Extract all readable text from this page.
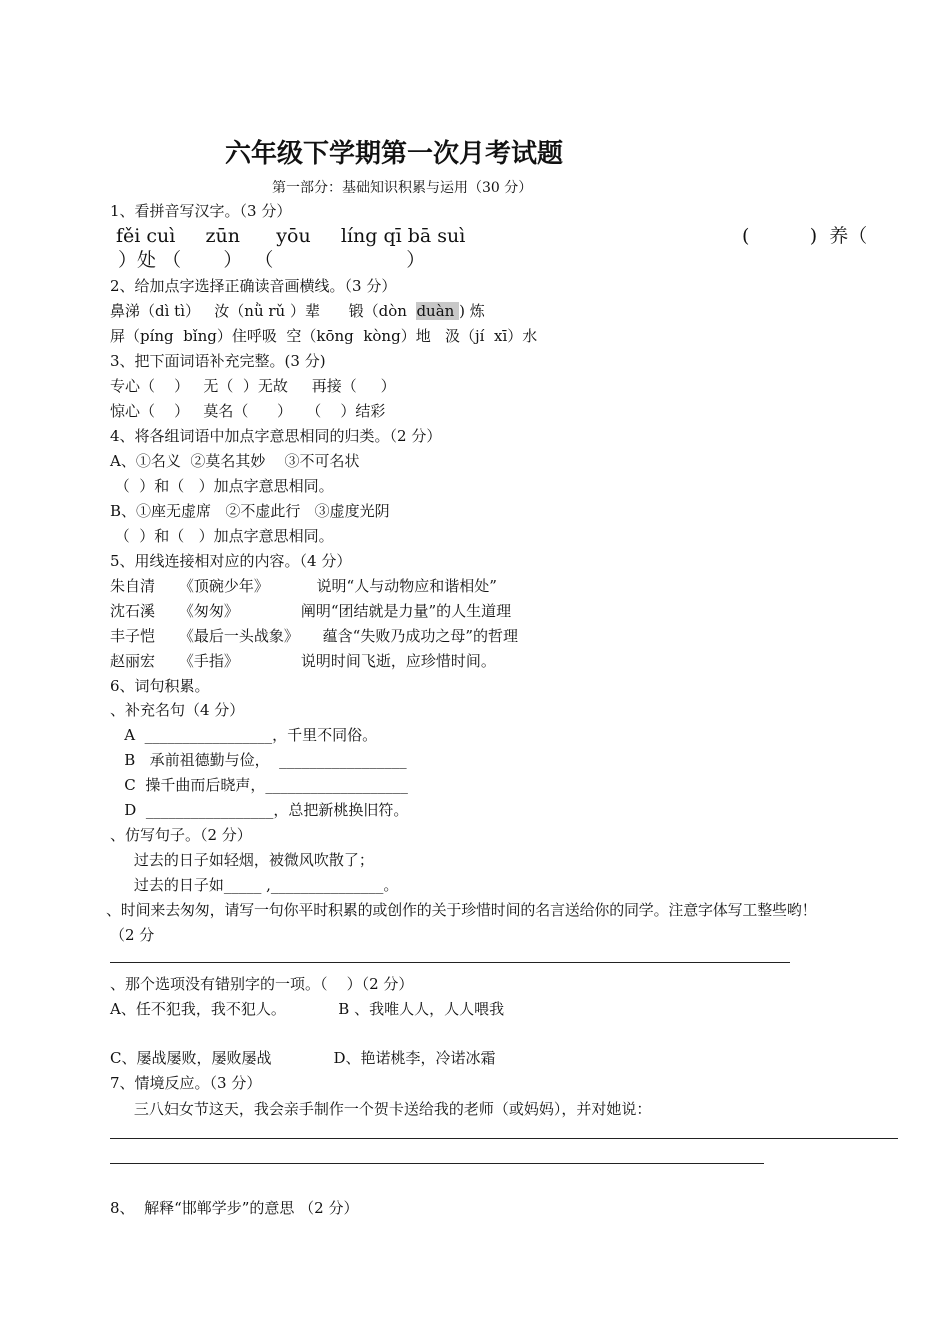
六年级下学期第一次月考试题
第一部分：基础知识积累与运用（30 分）
1、看拼音写汉字。（3 分）
fěi cuì     zūn      yōu     líng qī bā suì	(          )  养（
）处 （       ）  （                      ）
2、给加点字选择正确读音画横线。（3 分）
鼻涕（dì tì）   汝（nǜ rǔ ）辈      锻（dòn  duàn ) 炼
屏（píng  bǐng）住呼吸  空（kōng  kòng）地   汲（jí  xī）水
3、把下面词语补充完整。(3 分)
专心（    ）   无（  ）无故     再接（     ）
惊心（    ）   莫名（      ）   （    ）结彩
4、将各组词语中加点字意思相同的归类。（2 分）
A、①名义  ②莫名其妙    ③不可名状
（  ）和（   ）加点字意思相同。
B、①座无虚席   ②不虚此行   ③虚度光阴
（  ）和（   ）加点字意思相同。
5、用线连接相对应的内容。（4 分）
朱自清     《顶碗少年》          说明“人与动物应和谐相处”
沈石溪     《匆匆》             阐明“团结就是力量”的人生道理
丰子恺     《最后一头战象》     蕴含“失败乃成功之母”的哲理
赵丽宏     《手指》             说明时间飞逝，应珍惜时间。
6、词句积累。
、补充名句（4 分）
A  _________________，千里不同俗。
B   承前祖德勤与俭，  _________________
C  操千曲而后晓声，___________________
D  _________________，总把新桃换旧符。
、仿写句子。（2 分）
过去的日子如轻烟，被微风吹散了；
过去的日子如_____ ,_______________。
、时间来去匆匆，请写一句你平时积累的或创作的关于珍惜时间的名言送给你的同学。注意字体写工整些哟！
（2 分
、那个选项没有错别字的一项。（    ）（2 分）
A、任不犯我，我不犯人。           B 、我唯人人，人人喂我
C、屡战屡败，屡败屡战             D、艳诺桃李，冷诺冰霜
7、情境反应。（3 分）
三八妇女节这天，我会亲手制作一个贺卡送给我的老师（或妈妈），并对她说：
8、  解释“邯郸学步”的意思 （2 分）
